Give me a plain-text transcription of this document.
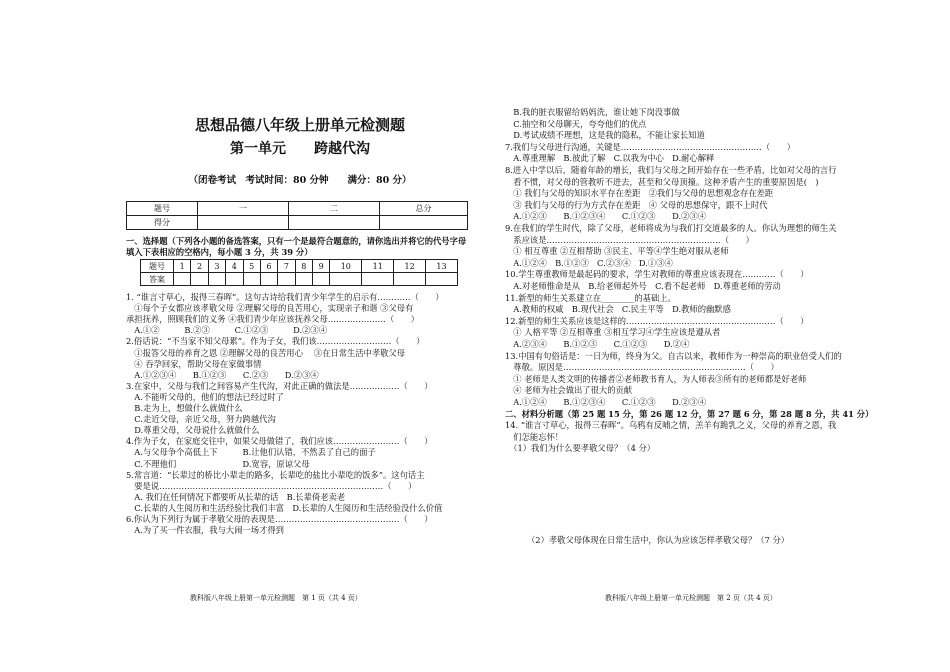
思想品德八年级上册单元检测题
第一单元　　跨越代沟
（闭卷考试　考试时间：80 分钟　　满分：80 分）
题号	一	二	总分
得分			
一、选择题（下列各小题的备选答案，只有一个是最符合题意的，请你选出并将它的代号字母
填入下表相应的空格内，每小题 3 分，共 39 分）
题号	1	2	3	4	5	6	7	8	9	10	11	12	13
答案													
1. “谁言寸草心，报得三春晖”。这句古诗给我们青少年学生的启示有…………（　　）
　①每个子女都应该孝敬父母 ②理解父母的良苦用心，实现亲子和谐 ③父母有
承担抚养，照顾我们的义务 ④我们青少年应该抚养父母…………………（　　）
　A.①②　　　B.②③　　　C.①②③　　　D.②③④
2.俗话说：“不当家不知父母累”。作为子女，我们该………………………（　　）
　①报答父母的养育之恩 ②理解父母的良苦用心　 ③在日常生活中孝敬父母
　④ 吞孕回家，帮助父母在家做事情
　A.①②③④　　B.①②③　　C.②③　　D.②③④
3.在家中，父母与我们之间容易产生代沟，对此正确的做法是………………（　　）
　A.不能听父母的，他们的想法已经过时了
　B.走为上，想做什么就做什么
　C.走近父母，亲近父母，努力跨越代沟
　D.尊重父母，父母说什么就做什么
4.作为子女，在家庭交往中，如果父母做错了，我们应该……………………（　　）
　A.与父母争个高低上下　　　B.让他们认错，不然丢了自己的面子
　C.不理他们　　　　　　　　D.宽容，原谅父母
5.常言道：“长辈过的桥比小辈走的路多，长辈吃的盐比小辈吃的饭多”。这句话主
　要是说………………………………………………………………………（　　）
　A. 我们在任何情况下都要听从长辈的话　B.长辈倚老卖老
　C.长辈的人生阅历和生活经验比我们丰富　D.长辈的人生阅历和生活经验没什么价值
6.你认为下列行为属于孝敬父母的表现是………………………………………（　　）
　A.为了买一件衣服，我与大闹一场才得到
教科版八年级上册第一单元检测题　第 1 页（共 4 页）
　B.我的脏衣服留给妈妈洗，谁让她下岗没事做
　C.抽空和父母聊天，夸夸他们的优点
　D.考试成绩不理想，这是我的隐私，不能让家长知道
7.我们与父母进行沟通，关键是……………………………………………（　　）
　A.尊重理解　B.彼此了解　C.以我为中心　D.耐心解释
8.进入中学以后，随着年龄的增长，我们与父母之间开始存在一些矛盾，比如对父母的言行
　看不惯，对父母的管教听不进去，甚至和父母顶撞。这种矛盾产生的重要原因是(　)
　① 我们与父母的知识水平存在差距　②我们与父母的思想观念存在差距
　③ 我们与父母的行为方式存在差距　④ 父母的思想保守，跟不上时代
　A.①②③　　B.①②③④　　C.①②③　　D.②③④
9.在我们的学生时代，除了父母，老师将成为与我们打交道最多的人。你认为理想的师生关
　系应该是………………………………………………………（　　）
　① 相互尊重 ②互相帮助 ③民主、平等④学生绝对服从老师
　A.①②④　B.①②③　C.②③④　D.①③④
10.学生尊重教师是最起码的要求，学生对教师的尊重应该表现在…………（　　）
　A.对老师惟命是从　B.给老师起外号　C.看不起老师　D.尊重老师的劳动
11.新型的师生关系建立在________的基础上。
　A.教师的权威　B.现代社会　C.民主平等　D.教师的幽默感
12.新型的师生关系应该是这样的………………………………………………（　　）
　① 人格平等 ②互相尊重 ③相互学习④学生应该是遵从者
　A.②③④　　B.①②③　　C.①②③　　D.②④
13.中国有句俗话是：一日为师，终身为父。自古以来，教师作为一种崇高的职业倍受人们的
　尊敬。原因是…………………………………………………………（　　）
　① 老师是人类文明的传播者②老师教书育人，为人师表③所有的老师都是好老师
　④ 老师为社会做出了很大的贡献
　A.①②④　　B.①②③④　　C.①②③　　D.②③④
二、材料分析题（第 25 题 15 分，第 26 题 12 分，第 27 题 6 分，第 28 题 8 分，共 41 分）
14. “谁言寸草心，报得三春晖”。乌鸦有反哺之情，羔羊有跪乳之义，父母的养育之恩，我
　们怎能忘怀！
　（1）我们为什么要孝敬父母？（4 分）
（2）孝敬父母体现在日常生活中，你认为应该怎样孝敬父母？（7 分）
教科版八年级上册第一单元检测题　第 2 页（共 4 页）
